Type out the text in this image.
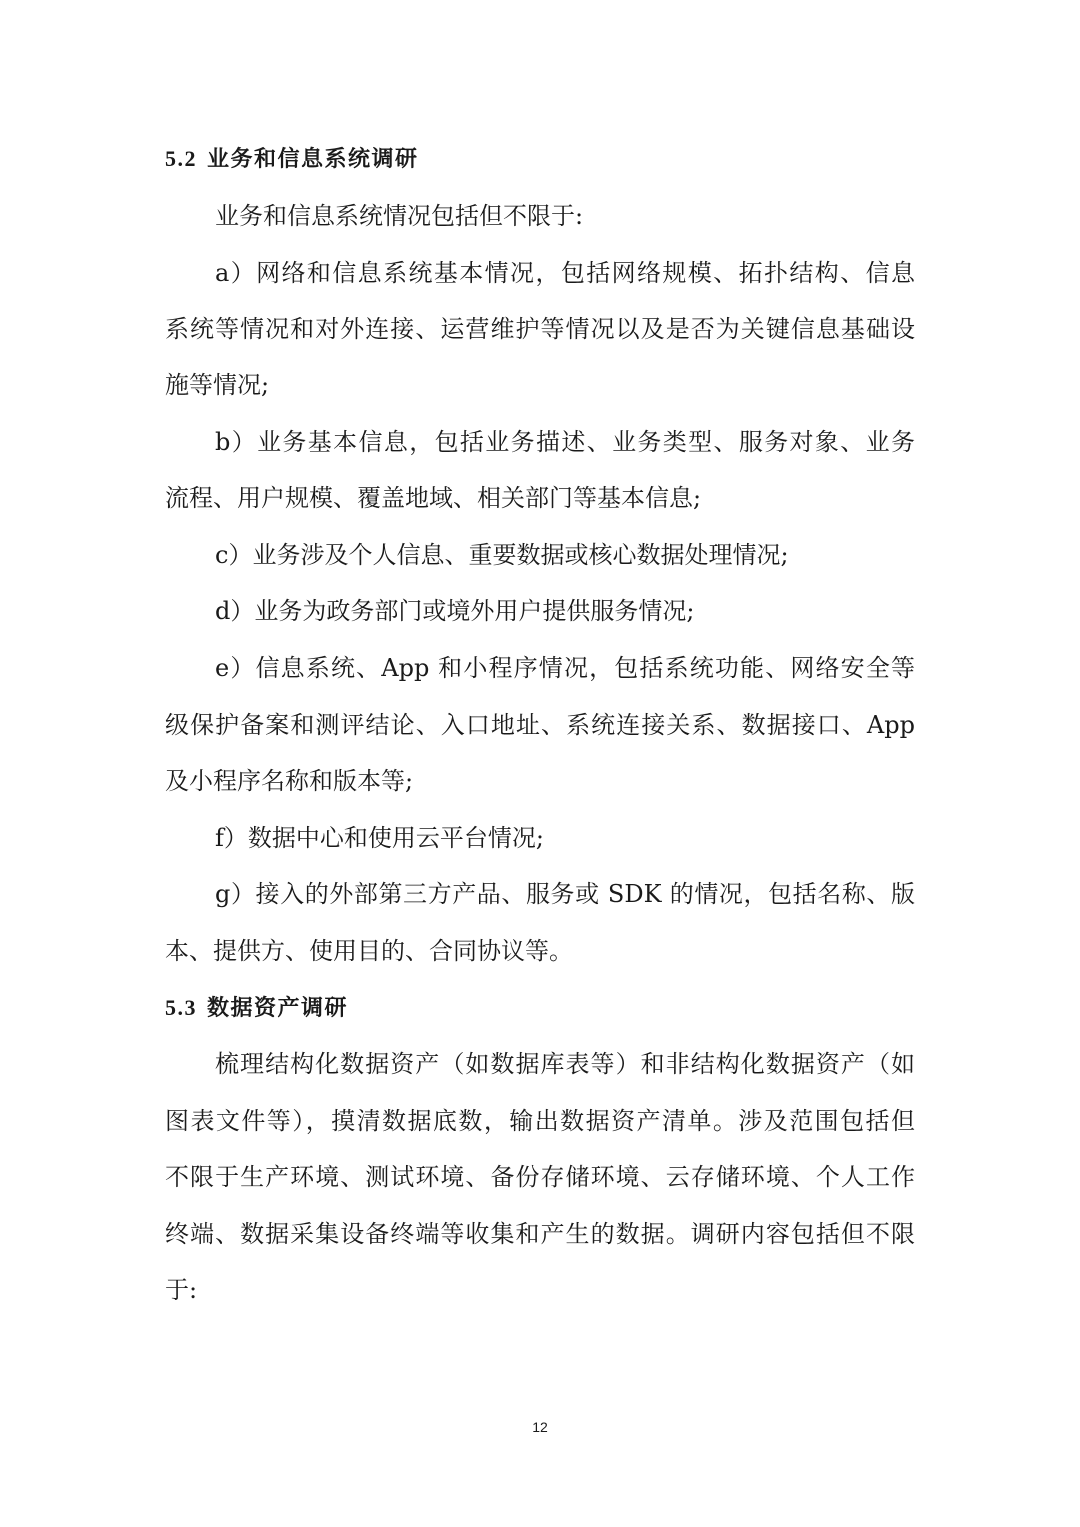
5.2 业务和信息系统调研
业务和信息系统情况包括但不限于:
a）网络和信息系统基本情况，包括网络规模、拓扑结构、信息
系统等情况和对外连接、运营维护等情况以及是否为关键信息基础设
施等情况;
b）业务基本信息，包括业务描述、业务类型、服务对象、业务
流程、用户规模、覆盖地域、相关部门等基本信息;
c）业务涉及个人信息、重要数据或核心数据处理情况;
d）业务为政务部门或境外用户提供服务情况;
e）信息系统、App 和小程序情况，包括系统功能、网络安全等
级保护备案和测评结论、入口地址、系统连接关系、数据接口、App
及小程序名称和版本等;
f）数据中心和使用云平台情况;
g）接入的外部第三方产品、服务或 SDK 的情况，包括名称、版
本、提供方、使用目的、合同协议等。
5.3 数据资产调研
梳理结构化数据资产（如数据库表等）和非结构化数据资产（如
图表文件等），摸清数据底数，输出数据资产清单。涉及范围包括但
不限于生产环境、测试环境、备份存储环境、云存储环境、个人工作
终端、数据采集设备终端等收集和产生的数据。调研内容包括但不限
于:
12
